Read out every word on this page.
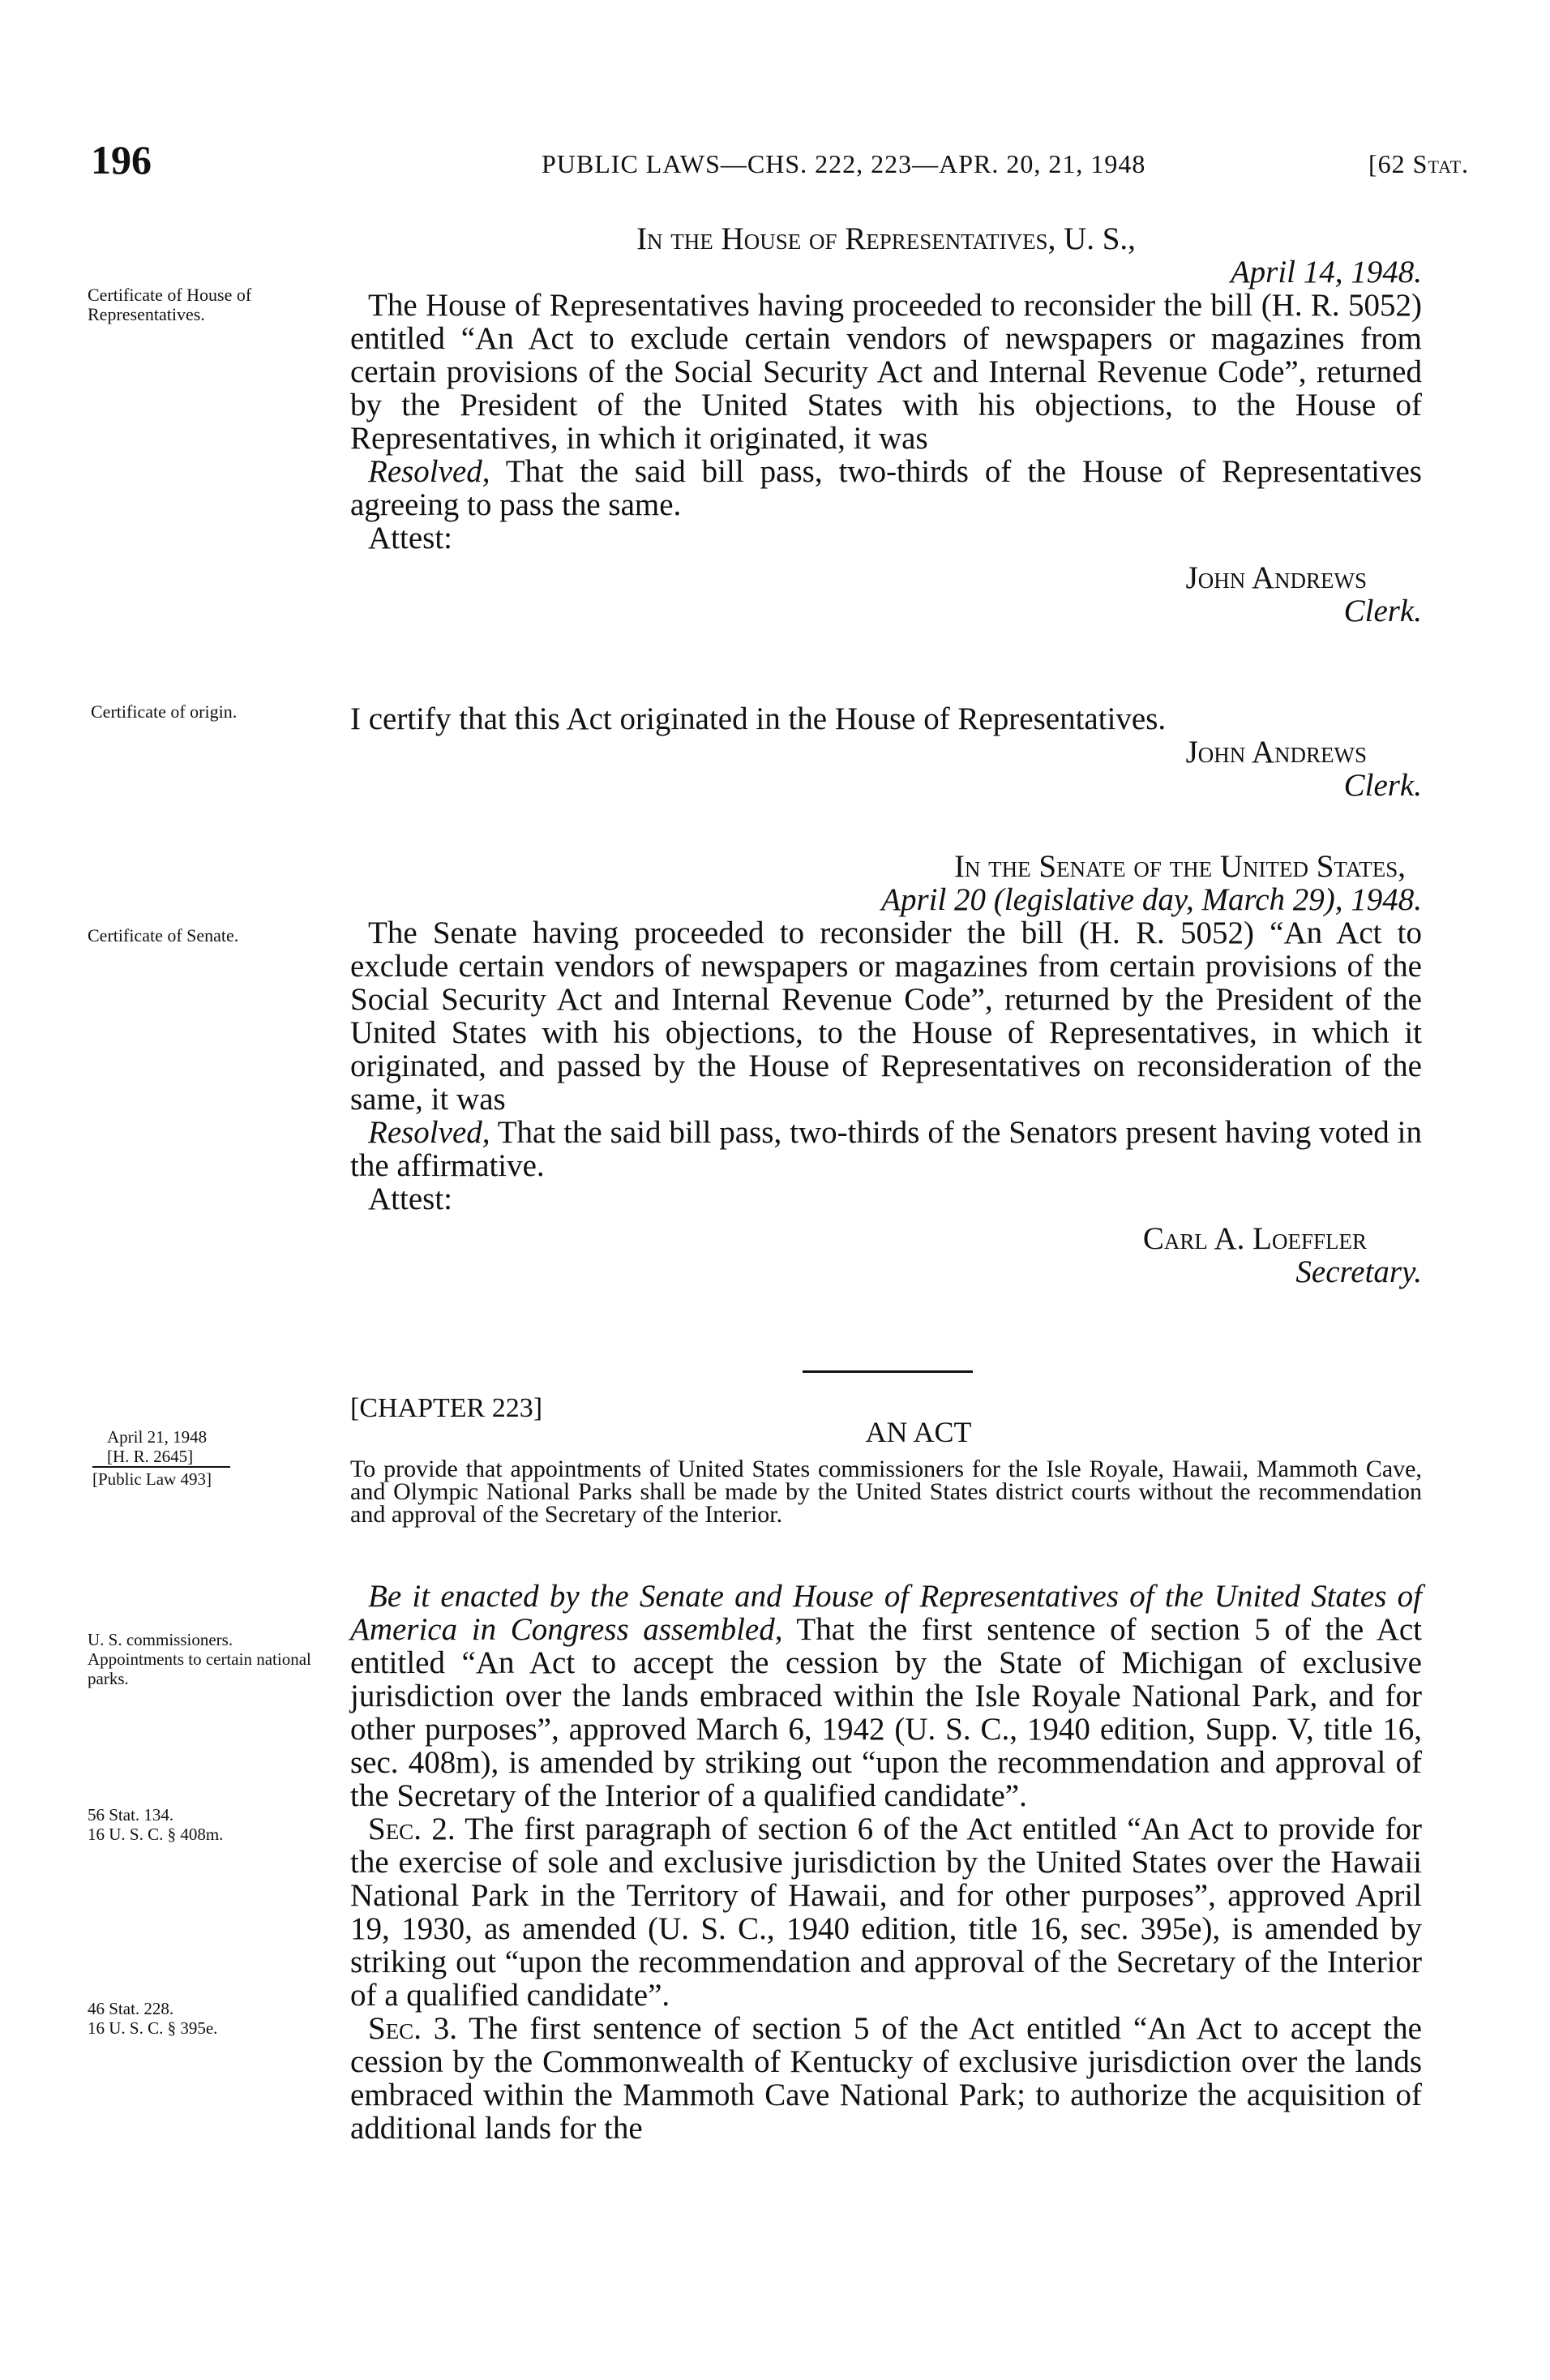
196	PUBLIC LAWS—CHS. 222, 223—APR. 20, 21, 1948	[62 Stat.
Certificate of House of Representatives.

In the House of Representatives, U. S.,

April 14, 1948.

The House of Representatives having proceeded to reconsider the bill (H. R. 5052) entitled “An Act to exclude certain vendors of newspapers or magazines from certain provisions of the Social Security Act and Internal Revenue Code”, returned by the President of the United States with his objections, to the House of Representatives, in which it originated, it was

Resolved, That the said bill pass, two-thirds of the House of Representatives agreeing to pass the same.

Attest:

John Andrews

Clerk.

Certificate of origin.	I certify that this Act originated in the House of Representatives.

John Andrews

Clerk.

Certificate of Senate.

In the Senate of the United States,

April 20 (legislative day, March 29), 1948.

The Senate having proceeded to reconsider the bill (H. R. 5052) “An Act to exclude certain vendors of newspapers or magazines from certain provisions of the Social Security Act and Internal Revenue Code”, returned by the President of the United States with his objections, to the House of Representatives, in which it originated, and passed by the House of Representatives on reconsideration of the same, it was

Resolved, That the said bill pass, two-thirds of the Senators present having voted in the affirmative.

Attest:

Carl A. Loeffler

Secretary.

[CHAPTER 223]
AN ACT
April 21, 1948
[H. R. 2645]
[Public Law 493]	To provide that appointments of United States commissioners for the Isle Royale, Hawaii, Mammoth Cave, and Olympic National Parks shall be made by the United States district courts without the recommendation and approval of the Secretary of the Interior.
U. S. commissioners. Appointments to certain national parks.

Be it enacted by the Senate and House of Representatives of the United States of America in Congress assembled, That the first sentence of section 5 of the Act entitled “An Act to accept the cession by the State of Michigan of exclusive jurisdiction over the lands embraced within the Isle Royale National Park, and for other purposes”, approved March 6, 1942 (U. S. C., 1940 edition, Supp. V, title 16, sec. 408m), is amended by striking out “upon the recommendation and approval of the Secretary of the Interior of a qualified candidate”.

Sec. 2. The first paragraph of section 6 of the Act entitled “An Act to provide for the exercise of sole and exclusive jurisdiction by the United States over the Hawaii National Park in the Territory of Hawaii, and for other purposes”, approved April 19, 1930, as amended (U. S. C., 1940 edition, title 16, sec. 395e), is amended by striking out “upon the recommendation and approval of the Secretary of the Interior of a qualified candidate”.

Sec. 3. The first sentence of section 5 of the Act entitled “An Act to accept the cession by the Commonwealth of Kentucky of exclusive jurisdiction over the lands embraced within the Mammoth Cave National Park; to authorize the acquisition of additional lands for the

56 Stat. 134.
16 U. S. C. § 408m.
46 Stat. 228.
16 U. S. C. § 395e.
